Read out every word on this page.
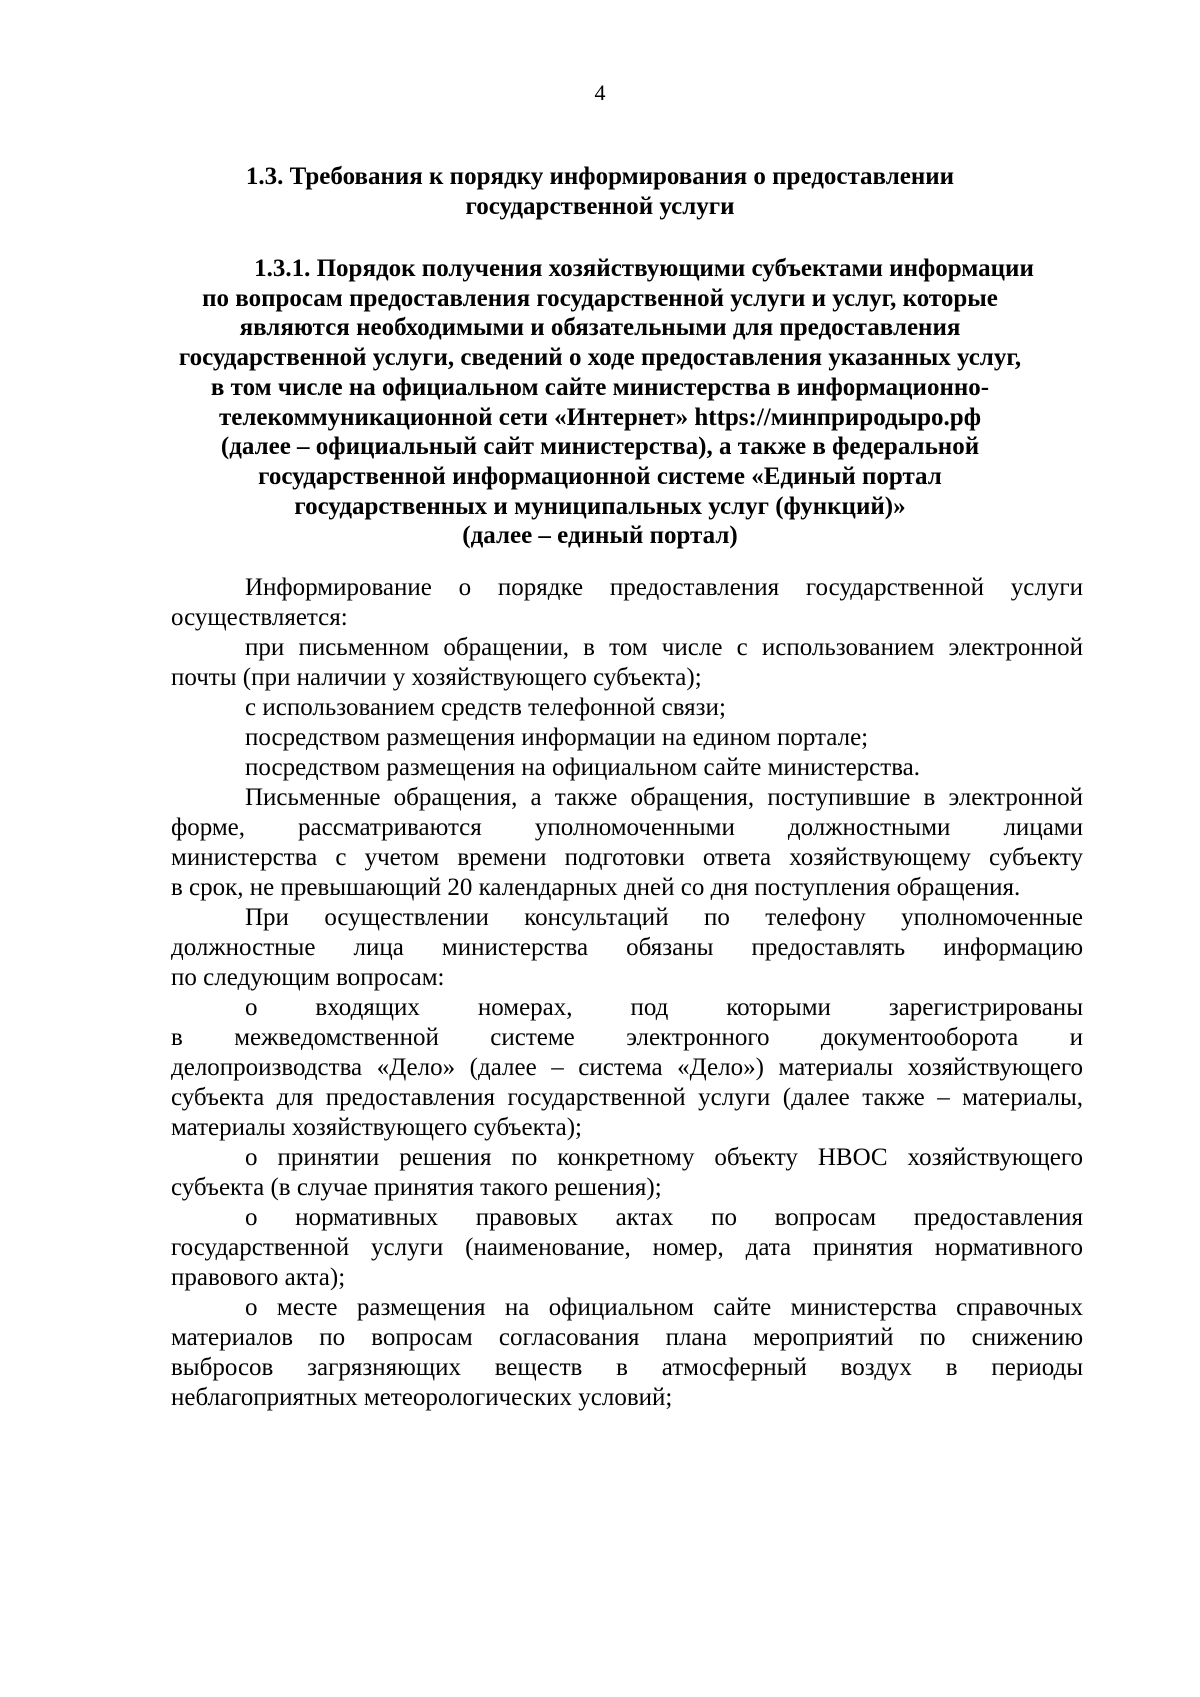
4
1.3. Требования к порядку информирования о предоставлении
государственной услуги
1.3.1. Порядок получения хозяйствующими субъектами информации
по вопросам предоставления государственной услуги и услуг, которые
являются необходимыми и обязательными для предоставления
государственной услуги, сведений о ходе предоставления указанных услуг,
в том числе на официальном сайте министерства в информационно-
телекоммуникационной сети «Интернет» https://минприродыро.рф
(далее – официальный сайт министерства), а также в федеральной
государственной информационной системе «Единый портал
государственных и муниципальных услуг (функций)»
(далее – единый портал)
Информирование о порядке предоставления государственной услуги
осуществляется:
при письменном обращении, в том числе с использованием электронной
почты (при наличии у хозяйствующего субъекта);
с использованием средств телефонной связи;
посредством размещения информации на едином портале;
посредством размещения на официальном сайте министерства.
Письменные обращения, а также обращения, поступившие в электронной
форме, рассматриваются уполномоченными должностными лицами
министерства с учетом времени подготовки ответа хозяйствующему субъекту
в срок, не превышающий 20 календарных дней со дня поступления обращения.
При осуществлении консультаций по телефону уполномоченные
должностные лица министерства обязаны предоставлять информацию
по следующим вопросам:
о входящих номерах, под которыми зарегистрированы
в межведомственной системе электронного документооборота и
делопроизводства «Дело» (далее – система «Дело») материалы хозяйствующего
субъекта для предоставления государственной услуги (далее также – материалы,
материалы хозяйствующего субъекта);
о принятии решения по конкретному объекту НВОС хозяйствующего
субъекта (в случае принятия такого решения);
о нормативных правовых актах по вопросам предоставления
государственной услуги (наименование, номер, дата принятия нормативного
правового акта);
о месте размещения на официальном сайте министерства справочных
материалов по вопросам согласования плана мероприятий по снижению
выбросов загрязняющих веществ в атмосферный воздух в периоды
неблагоприятных метеорологических условий;
